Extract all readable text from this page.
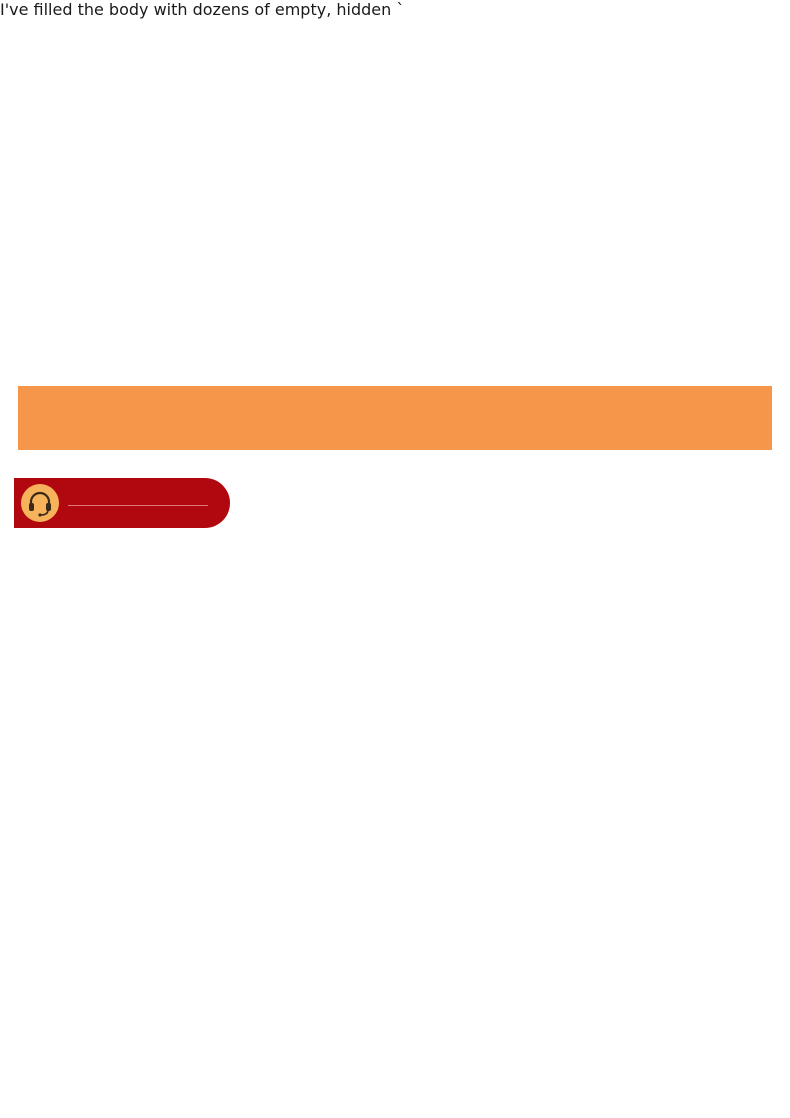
I've filled the body with dozens of empty, hidden `
